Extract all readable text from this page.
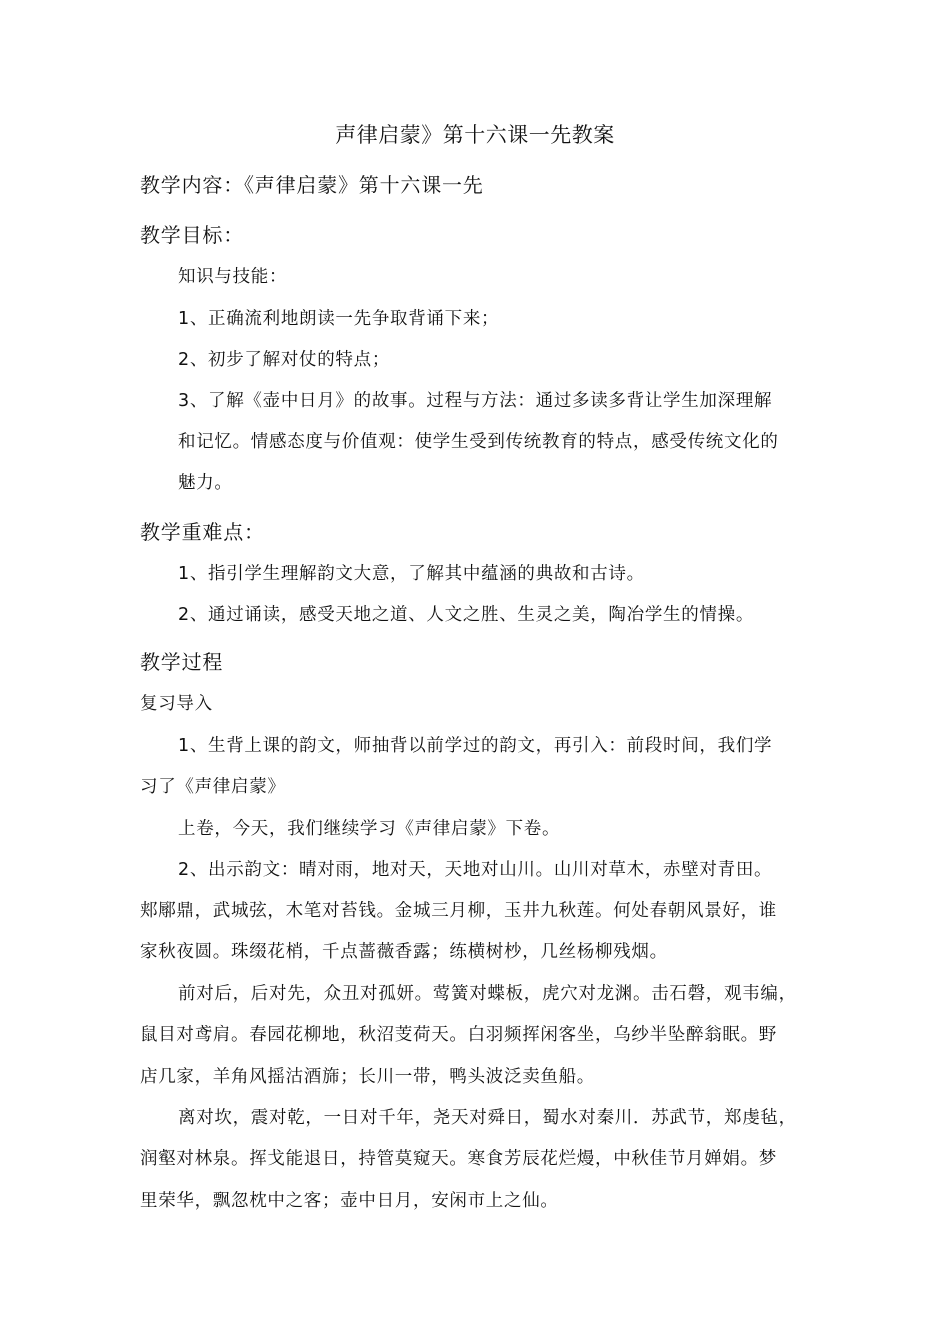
声律启蒙》第十六课一先教案
教学内容：《声律启蒙》第十六课一先
教学目标：
知识与技能：
1、正确流利地朗读一先争取背诵下来；
2、初步了解对仗的特点；
3、了解《壶中日月》的故事。过程与方法：通过多读多背让学生加深理解
和记忆。情感态度与价值观：使学生受到传统教育的特点，感受传统文化的
魅力。
教学重难点：
1、指引学生理解韵文大意，了解其中蕴涵的典故和古诗。
2、通过诵读，感受天地之道、人文之胜、生灵之美，陶冶学生的情操。
教学过程
复习导入
1、生背上课的韵文，师抽背以前学过的韵文，再引入：前段时间，我们学
习了《声律启蒙》
上卷，今天，我们继续学习《声律启蒙》下卷。
2、出示韵文：晴对雨，地对天，天地对山川。山川对草木，赤壁对青田。
郏鄏鼎，武城弦，木笔对苔钱。金城三月柳，玉井九秋莲。何处春朝风景好，谁
家秋夜圆。珠缀花梢，千点蔷薇香露；练横树杪，几丝杨柳残烟。
前对后，后对先，众丑对孤妍。莺簧对蝶板，虎穴对龙渊。击石磬，观韦编，
鼠目对鸢肩。春园花柳地，秋沼芰荷天。白羽频挥闲客坐，乌纱半坠醉翁眠。野
店几家，羊角风摇沽酒旆；长川一带，鸭头波泛卖鱼船。
离对坎，震对乾，一日对千年，尧天对舜日，蜀水对秦川．苏武节，郑虔毡，
润壑对林泉。挥戈能退日，持管莫窥天。寒食芳辰花烂熳，中秋佳节月婵娟。梦
里荣华，飘忽枕中之客；壶中日月，安闲市上之仙。
